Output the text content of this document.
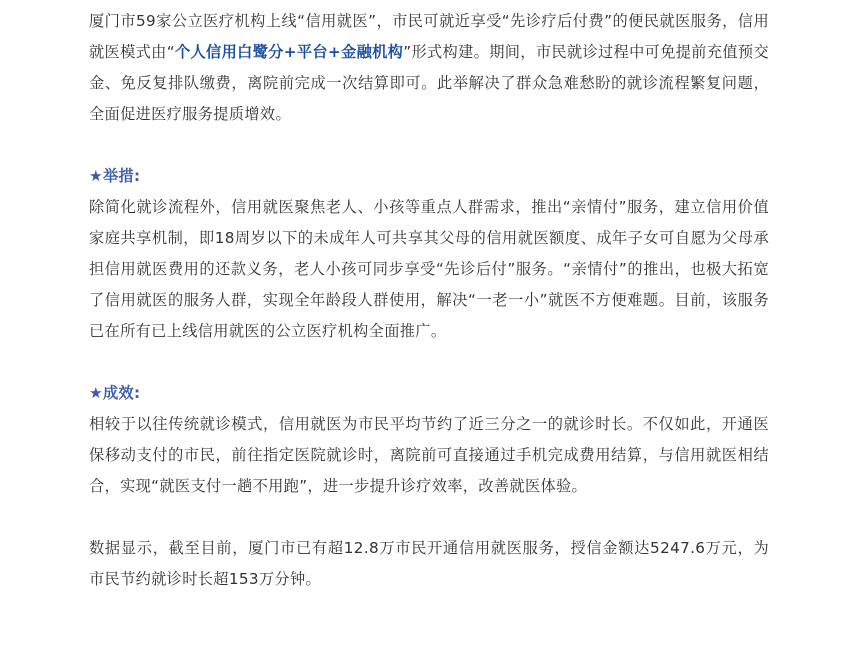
厦门市59家公立医疗机构上线“信用就医”，市民可就近享受“先诊疗后付费”的便民就医服务，信用就医模式由“个人信用白鹭分+平台+金融机构”形式构建。期间，市民就诊过程中可免提前充值预交金、免反复排队缴费，离院前完成一次结算即可。此举解决了群众急难愁盼的就诊流程繁复问题，全面促进医疗服务提质增效。

★举措:

除简化就诊流程外，信用就医聚焦老人、小孩等重点人群需求，推出“亲情付”服务，建立信用价值家庭共享机制，即18周岁以下的未成年人可共享其父母的信用就医额度、成年子女可自愿为父母承担信用就医费用的还款义务，老人小孩可同步享受“先诊后付”服务。“亲情付”的推出，也极大拓宽了信用就医的服务人群，实现全年龄段人群使用，解决“一老一小”就医不方便难题。目前，该服务已在所有已上线信用就医的公立医疗机构全面推广。

★成效:

相较于以往传统就诊模式，信用就医为市民平均节约了近三分之一的就诊时长。不仅如此，开通医保移动支付的市民，前往指定医院就诊时，离院前可直接通过手机完成费用结算，与信用就医相结合，实现“就医支付一趟不用跑”，进一步提升诊疗效率，改善就医体验。

数据显示，截至目前，厦门市已有超12.8万市民开通信用就医服务，授信金额达5247.6万元，为市民节约就诊时长超153万分钟。
